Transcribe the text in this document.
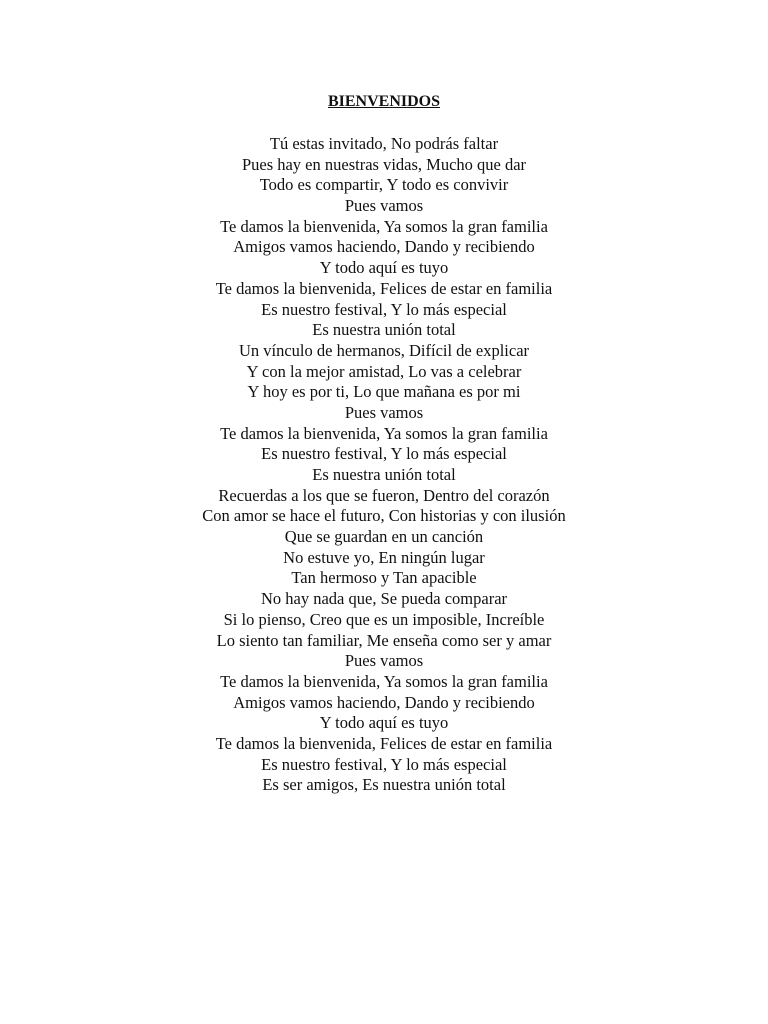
BIENVENIDOS
Tú estas invitado, No podrás faltar
Pues hay en nuestras vidas, Mucho que dar
Todo es compartir, Y todo es convivir
Pues vamos
Te damos la bienvenida, Ya somos la gran familia
Amigos vamos haciendo, Dando y recibiendo
Y todo aquí es tuyo
Te damos la bienvenida, Felices de estar en familia
Es nuestro festival, Y lo más especial
Es nuestra unión total
Un vínculo de hermanos, Difícil de explicar
Y con la mejor amistad, Lo vas a celebrar
Y hoy es por ti, Lo que mañana es por mi
Pues vamos
Te damos la bienvenida, Ya somos la gran familia
Es nuestro festival, Y lo más especial
Es nuestra unión total
Recuerdas a los que se fueron, Dentro del corazón
Con amor se hace el futuro, Con historias y con ilusión
Que se guardan en un canción
No estuve yo, En ningún lugar
Tan hermoso y Tan apacible
No hay nada que, Se pueda comparar
Si lo pienso, Creo que es un imposible, Increíble
Lo siento tan familiar, Me enseña como ser y amar
Pues vamos
Te damos la bienvenida, Ya somos la gran familia
Amigos vamos haciendo, Dando y recibiendo
Y todo aquí es tuyo
Te damos la bienvenida, Felices de estar en familia
Es nuestro festival, Y lo más especial
Es ser amigos, Es nuestra unión total
